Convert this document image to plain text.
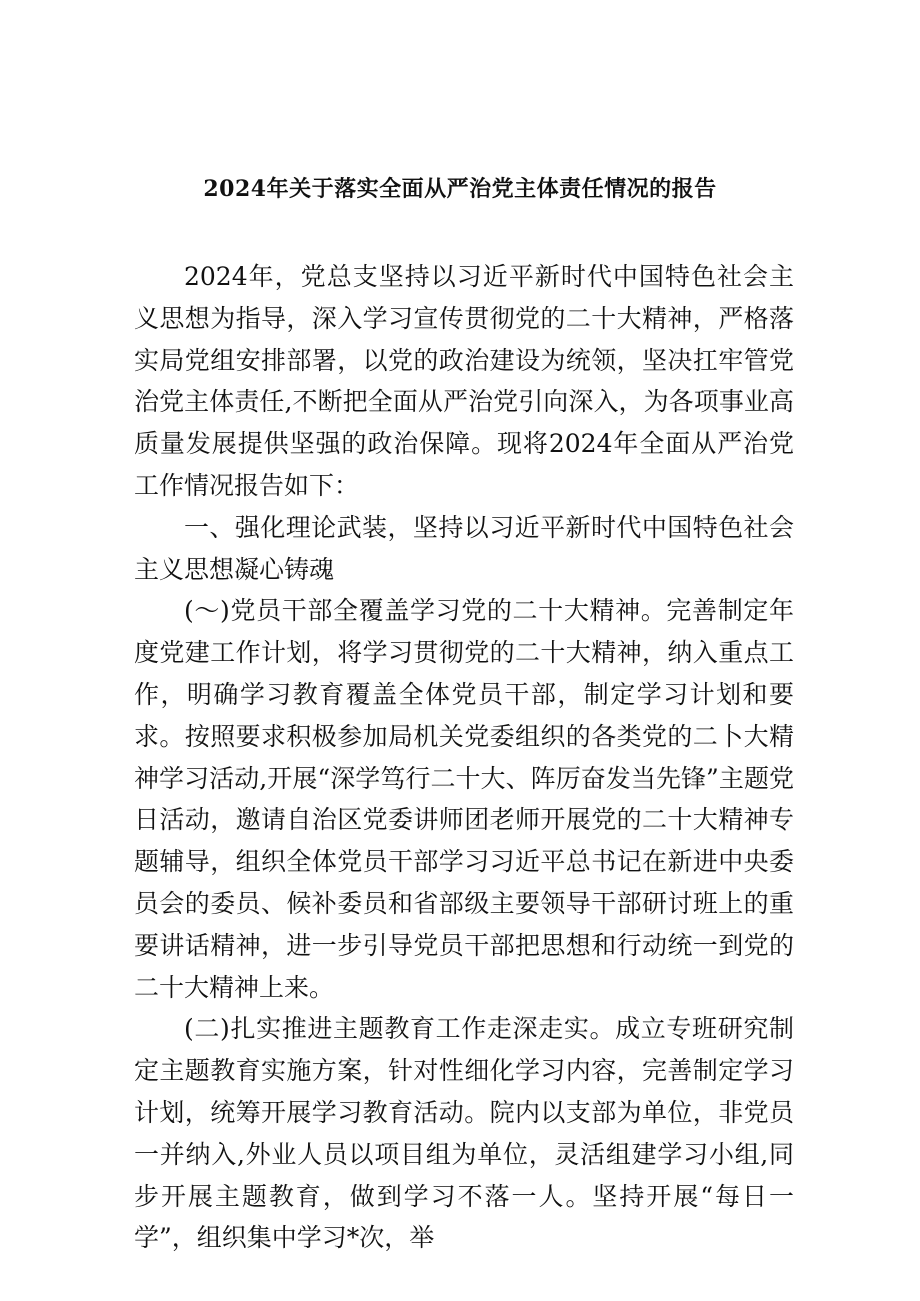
2024年关于落实全面从严治党主体责任情况的报告

2024年，党总支坚持以习近平新时代中国特色社会主义思想为指导，深入学习宣传贯彻党的二十大精神，严格落实局党组安排部署，以党的政治建设为统领，坚决扛牢管党治党主体责任,不断把全面从严治党引向深入，为各项事业高质量发展提供坚强的政治保障。现将2024年全面从严治党工作情况报告如下：

一、强化理论武装，坚持以习近平新时代中国特色社会主义思想凝心铸魂

(〜)党员干部全覆盖学习党的二十大精神。完善制定年度党建工作计划，将学习贯彻党的二十大精神，纳入重点工作，明确学习教育覆盖全体党员干部，制定学习计划和要求。按照要求积极参加局机关党委组织的各类党的二卜大精神学习活动,开展“深学笃行二十大、阵厉奋发当先锋”主题党日活动，邀请自治区党委讲师团老师开展党的二十大精神专题辅导，组织全体党员干部学习习近平总书记在新进中央委员会的委员、候补委员和省部级主要领导干部研讨班上的重要讲话精神，进一步引导党员干部把思想和行动统一到党的二十大精神上来。

(二)扎实推进主题教育工作走深走实。成立专班研究制定主题教育实施方案，针对性细化学习内容，完善制定学习计划，统筹开展学习教育活动。院内以支部为单位，非党员一并纳入,外业人员以项目组为单位，灵活组建学习小组,同步开展主题教育，做到学习不落一人。坚持开展“每日一学”，组织集中学习*次，举
